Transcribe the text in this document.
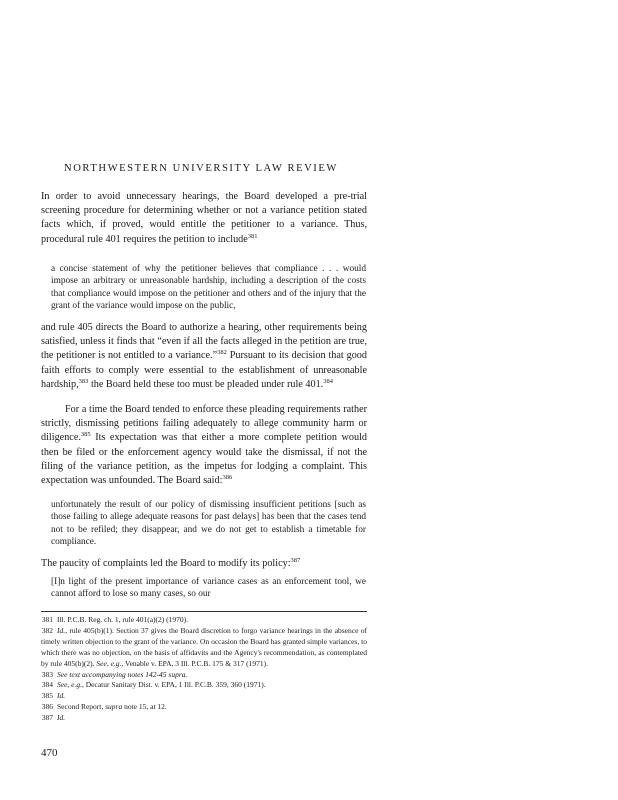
NORTHWESTERN UNIVERSITY LAW REVIEW

In order to avoid unnecessary hearings, the Board developed a pre-trial screening procedure for determining whether or not a variance petition stated facts which, if proved, would entitle the petitioner to a variance. Thus, procedural rule 401 requires the petition to include$^{381}$

a concise statement of why the petitioner believes that compliance . . . would impose an arbitrary or unreasonable hardship, including a description of the costs that compliance would impose on the petitioner and others and of the injury that the grant of the variance would impose on the public,

and rule 405 directs the Board to authorize a hearing, other requirements being satisfied, unless it finds that “even if all the facts alleged in the petition are true, the petitioner is not entitled to a variance.”$^{382}$ Pursuant to its decision that good faith efforts to comply were essential to the establishment of unreasonable hardship,$^{383}$ the Board held these too must be pleaded under rule 401.$^{384}$

For a time the Board tended to enforce these pleading requirements rather strictly, dismissing petitions failing adequately to allege community harm or diligence.$^{385}$ Its expectation was that either a more complete petition would then be filed or the enforcement agency would take the dismissal, if not the filing of the variance petition, as the impetus for lodging a complaint. This expectation was unfounded. The Board said:$^{386}$

unfortunately the result of our policy of dismissing insufficient petitions [such as those failing to allege adequate reasons for past delays] has been that the cases tend not to be refiled; they disappear, and we do not get to establish a timetable for compliance.

The paucity of complaints led the Board to modify its policy:$^{387}$

[I]n light of the present importance of variance cases as an enforcement tool, we cannot afford to lose so many cases, so our

381 Ill. P.C.B. Reg. ch. 1, rule 401(a)(2) (1970).
382 Id., rule 405(b)(1). Section 37 gives the Board discretion to forgo variance hearings in the absence of timely written objection to the grant of the variance. On occasion the Board has granted simple variances, to which there was no objection, on the basis of affidavits and the Agency's recommendation, as contemplated by rule 405(b)(2). See, e.g., Venable v. EPA, 3 Ill. P.C.B. 175 & 317 (1971).
383 See text accompanying notes 142-45 supra.
384 See, e.g., Decatur Sanitary Dist. v. EPA, 1 Ill. P.C.B. 359, 360 (1971).
385 Id.
386 Second Report, supra note 15, at 12.
387 Id.
470
